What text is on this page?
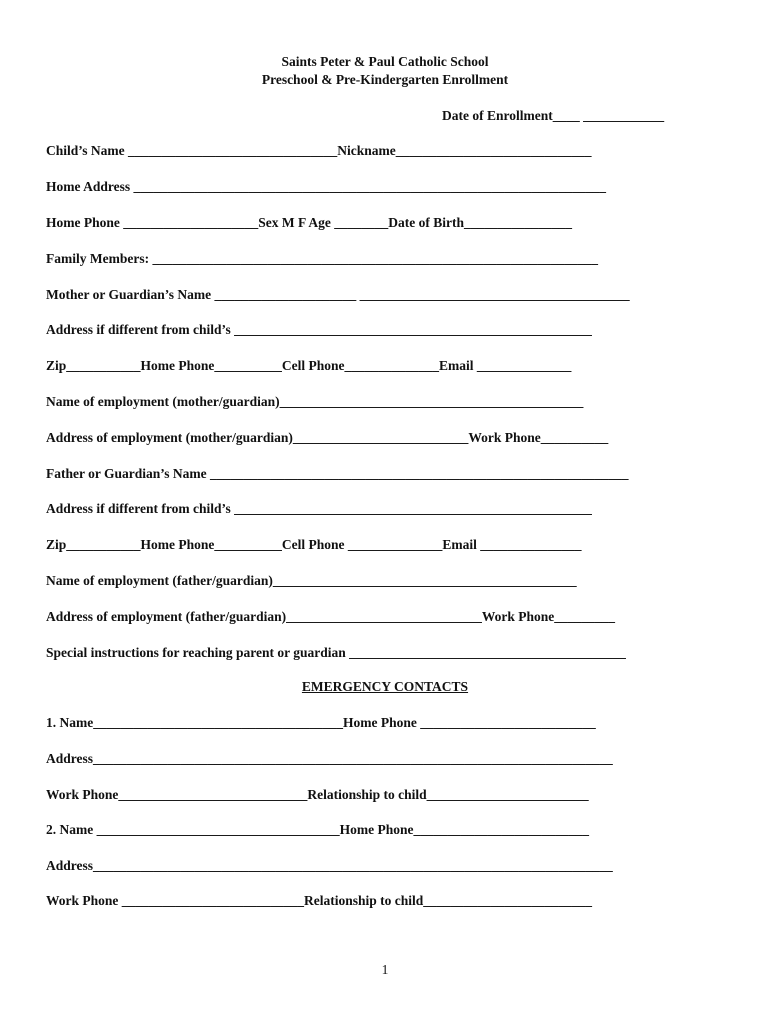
Saints Peter & Paul Catholic School
Preschool & Pre-Kindergarten Enrollment
Date of Enrollment____ ____________
Child’s Name _______________________________Nickname_____________________________
Home Address ______________________________________________________________________
Home Phone ____________________Sex M F Age ________Date of Birth________________
Family Members: __________________________________________________________________
Mother or Guardian’s Name _____________________ ________________________________________
Address if different from child’s _____________________________________________________
Zip___________Home Phone__________Cell Phone______________Email ______________
Name of employment (mother/guardian)_____________________________________________
Address of employment (mother/guardian)__________________________Work Phone__________
Father or Guardian’s Name ______________________________________________________________
Address if different from child’s _____________________________________________________
Zip___________Home Phone__________Cell Phone ______________Email _______________
Name of employment (father/guardian)_____________________________________________
Address of employment (father/guardian)_____________________________Work Phone_________
Special instructions for reaching parent or guardian _________________________________________
EMERGENCY CONTACTS
1. Name_____________________________________Home Phone __________________________
Address_____________________________________________________________________________
Work Phone____________________________Relationship to child________________________
2. Name ____________________________________Home Phone__________________________
Address_____________________________________________________________________________
Work Phone ___________________________Relationship to child_________________________
1
